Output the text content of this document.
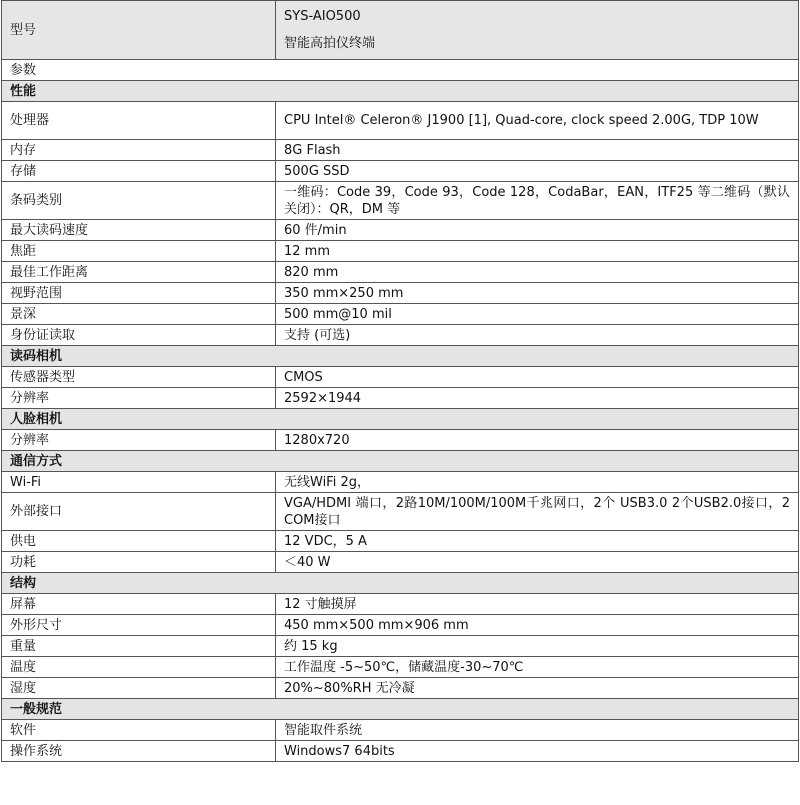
型号	SYS-AIO500
智能高拍仪终端

参数	
性能	
处理器	CPU Intel® Celeron® J1900 [1], Quad-core, clock speed 2.00G, TDP 10W
内存	8G Flash
存储	500G SSD
条码类别	一维码：Code 39，Code 93，Code 128，CodaBar，EAN，ITF25 等二维码（默认关闭）：QR，DM 等
最大读码速度	60 件/min
焦距	12 mm
最佳工作距离	820 mm
视野范围	350 mm×250 mm
景深	500 mm@10 mil
身份证读取	支持 (可选)
读码相机	
传感器类型	CMOS
分辨率	2592×1944
人脸相机	
分辨率	1280x720
通信方式	
Wi-Fi	无线WiFi 2g，
外部接口	VGA/HDMI 端口，2路10M/100M/100M千兆网口，2个 USB3.0 2个USB2.0接口，2 COM接口
供电	12 VDC，5 A
功耗	＜40 W
结构	
屏幕	12 寸触摸屏
外形尺寸	450 mm×500 mm×906 mm
重量	约 15 kg
温度	工作温度 -5~50℃，储藏温度-30~70℃
湿度	20%~80%RH 无冷凝
一般规范	
软件	智能取件系统
操作系统	Windows7 64bits
